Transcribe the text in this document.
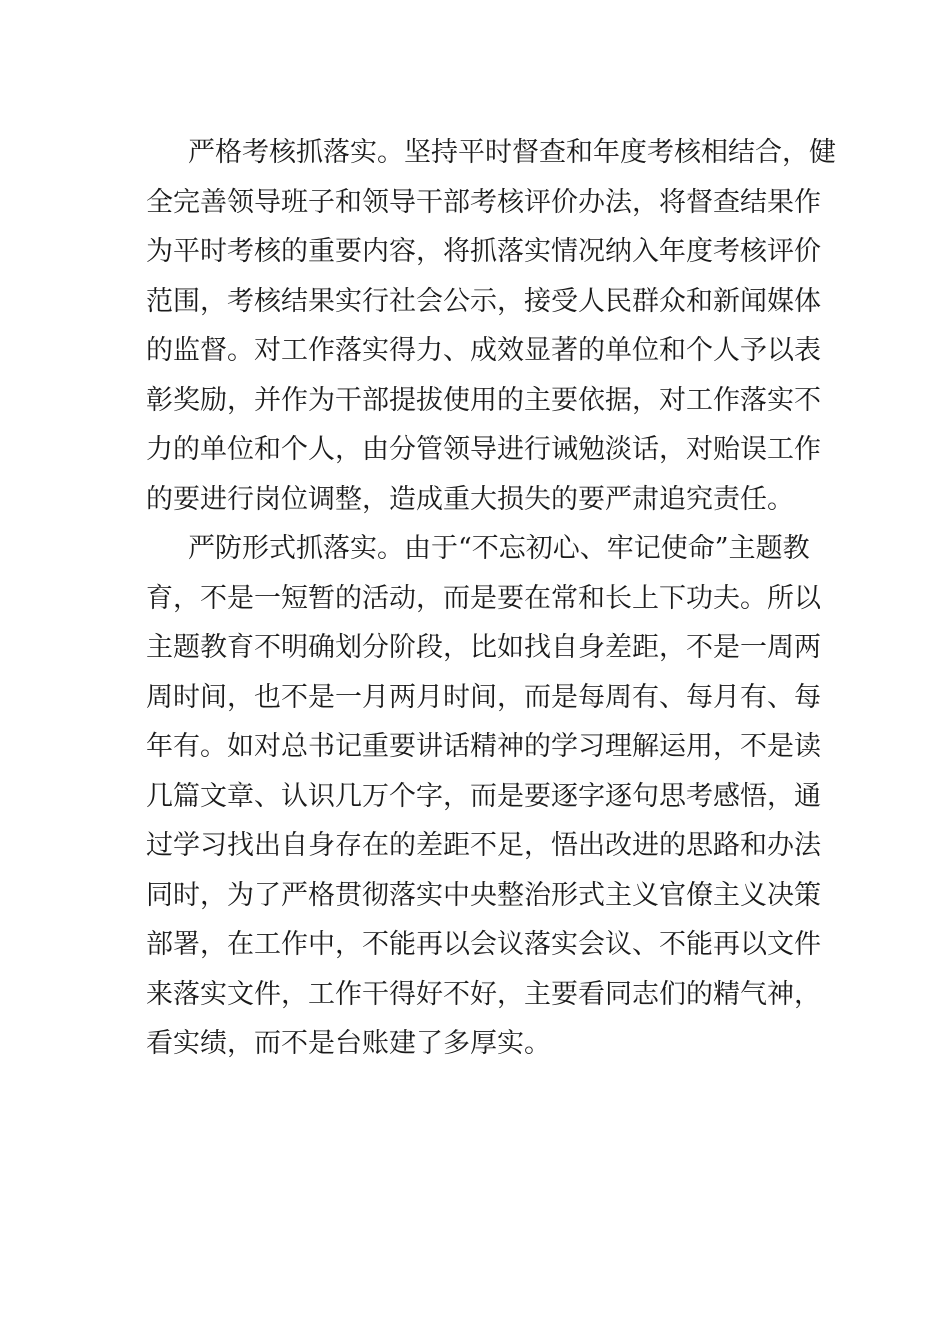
严格考核抓落实。坚持平时督查和年度考核相结合，健
全完善领导班子和领导干部考核评价办法，将督查结果作
为平时考核的重要内容，将抓落实情况纳入年度考核评价
范围，考核结果实行社会公示，接受人民群众和新闻媒体
的监督。对工作落实得力、成效显著的单位和个人予以表
彰奖励，并作为干部提拔使用的主要依据，对工作落实不
力的单位和个人，由分管领导进行诫勉淡话，对贻误工作
的要进行岗位调整，造成重大损失的要严肃追究责任。
严防形式抓落实。由于“不忘初心、牢记使命”主题教
育，不是一短暂的活动，而是要在常和长上下功夫。所以
主题教育不明确划分阶段，比如找自身差距，不是一周两
周时间，也不是一月两月时间，而是每周有、每月有、每
年有。如对总书记重要讲话精神的学习理解运用，不是读
几篇文章、认识几万个字，而是要逐字逐句思考感悟，通
过学习找出自身存在的差距不足，悟出改进的思路和办法
同时，为了严格贯彻落实中央整治形式主义官僚主义决策
部署，在工作中，不能再以会议落实会议、不能再以文件
来落实文件，工作干得好不好，主要看同志们的精气神，
看实绩，而不是台账建了多厚实。
